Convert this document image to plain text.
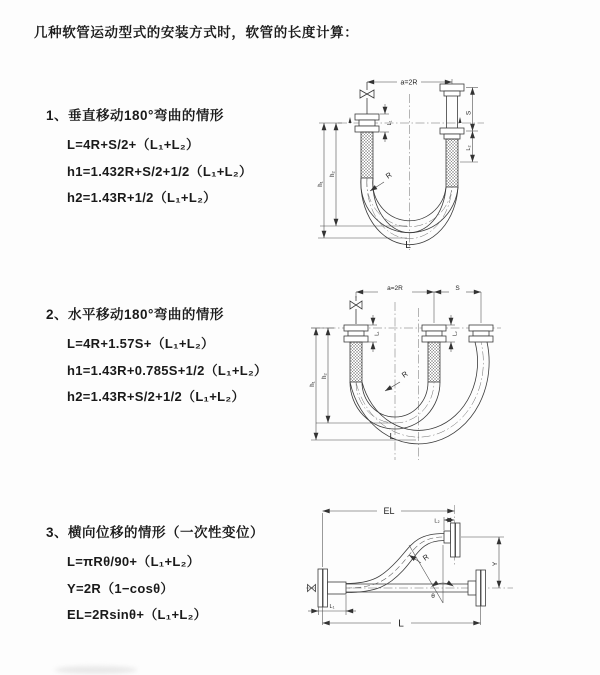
几种软管运动型式的安装方式时，软管的长度计算：
1、垂直移动180°弯曲的情形
L=4R+S/2+（L₁+L₂）
h1=1.432R+S/2+1/2（L₁+L₂）
h2=1.43R+1/2（L₁+L₂）
2、水平移动180°弯曲的情形
L=4R+1.57S+（L₁+L₂）
h1=1.43R+0.785S+1/2（L₁+L₂）
h2=1.43R+S/2+1/2（L₁+L₂）
3、横向位移的情形（一次性变位）
L=πRθ/90+（L₁+L₂）
Y=2R（1−cosθ）
EL=2Rsinθ+（L₁+L₂）
a=2R
S
L₂
h₂
h₁
L₁
R
L
a=2R	S
h₂
h₁
L₁	L₂
R
L
θ
R
EL
L₂
Y
L₁
L
